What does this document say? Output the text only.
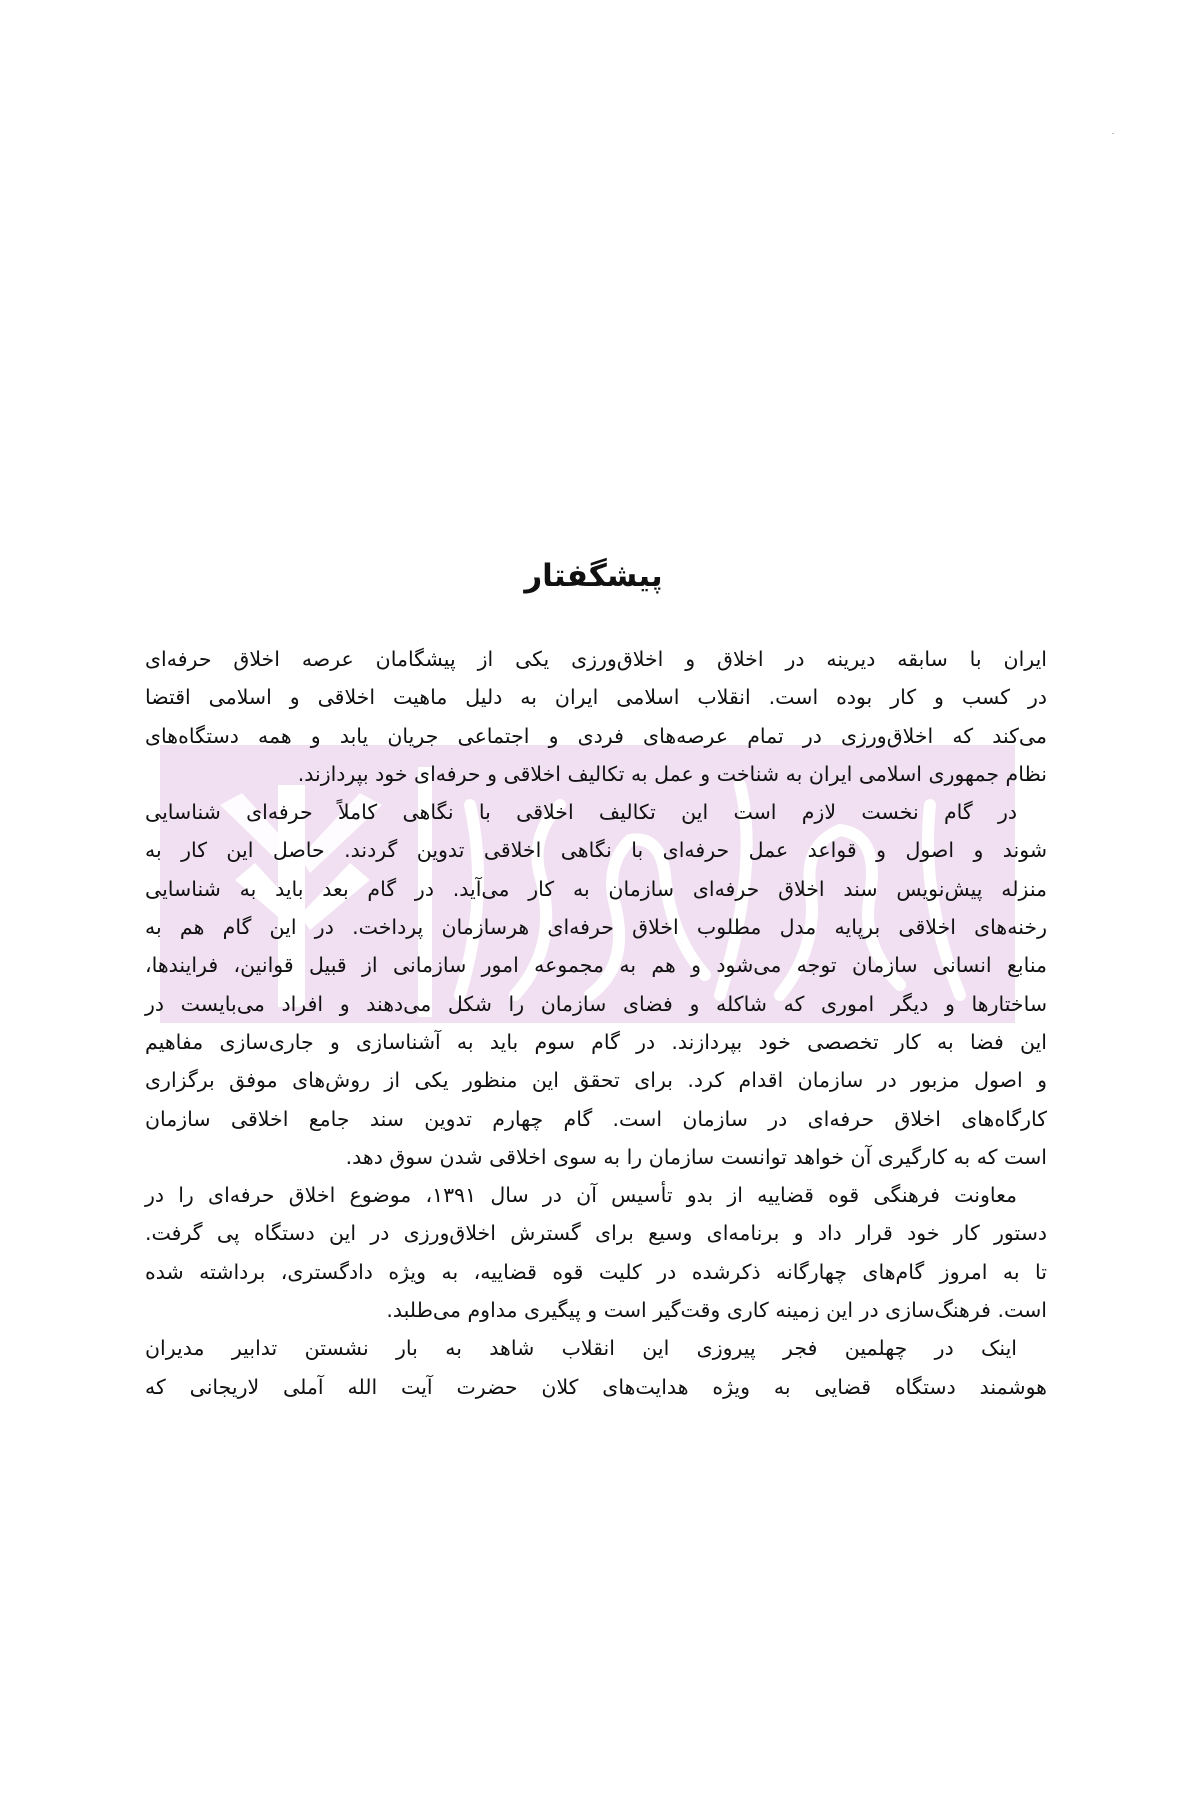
پیشگفتار
ایران با سابقه دیرینه در اخلاق و اخلاق‌ورزی یکی از پیشگامان عرصه اخلاق حرفه‌ای
در کسب و کار بوده است. انقلاب اسلامی ایران به دلیل ماهیت اخلاقی و اسلامی اقتضا
می‌کند که اخلاق‌ورزی در تمام عرصه‌های فردی و اجتماعی جریان یابد و همه دستگاه‌های
نظام جمهوری اسلامی ایران به شناخت و عمل به تکالیف اخلاقی و حرفه‌ای خود بپردازند.
در گام نخست لازم است این تکالیف اخلاقی با نگاهی کاملاً حرفه‌ای شناسایی
شوند و اصول و قواعد عمل حرفه‌ای با نگاهی اخلاقی تدوین گردند. حاصل این کار به
منزله پیش‌نویس سند اخلاق حرفه‌ای سازمان به کار می‌آید. در گام بعد باید به شناسایی
رخنه‌های اخلاقی برپایه مدل مطلوب اخلاق حرفه‌ای هرسازمان پرداخت. در این گام هم به
منابع انسانی سازمان توجه می‌شود و هم به مجموعه امور سازمانی از قبیل قوانین، فرایندها،
ساختارها و دیگر اموری که شاکله و فضای سازمان را شکل می‌دهند و افراد می‌بایست در
این فضا به کار تخصصی خود بپردازند. در گام سوم باید به آشناسازی و جاری‌سازی مفاهیم
و اصول مزبور در سازمان اقدام کرد. برای تحقق این منظور یکی از روش‌های موفق برگزاری
کارگاه‌های اخلاق حرفه‌ای در سازمان است. گام چهارم تدوین سند جامع اخلاقی سازمان
است که به کارگیری آن خواهد توانست سازمان را به سوی اخلاقی شدن سوق دهد.
معاونت فرهنگی قوه قضاییه از بدو تأسیس آن در سال ۱۳۹۱، موضوع اخلاق حرفه‌ای را در
دستور کار خود قرار داد و برنامه‌ای وسیع برای گسترش اخلاق‌ورزی در این دستگاه پی گرفت.
تا به امروز گام‌های چهارگانه ذکرشده در کلیت قوه قضاییه، به ویژه دادگستری، برداشته شده
است. فرهنگ‌سازی در این زمینه کاری وقت‌گیر است و پیگیری مداوم می‌طلبد.
اینک در چهلمین فجر پیروزی این انقلاب شاهد به بار نشستن تدابیر مدیران
هوشمند دستگاه قضایی به ویژه هدایت‌های کلان حضرت آیت الله آملی لاریجانی که
